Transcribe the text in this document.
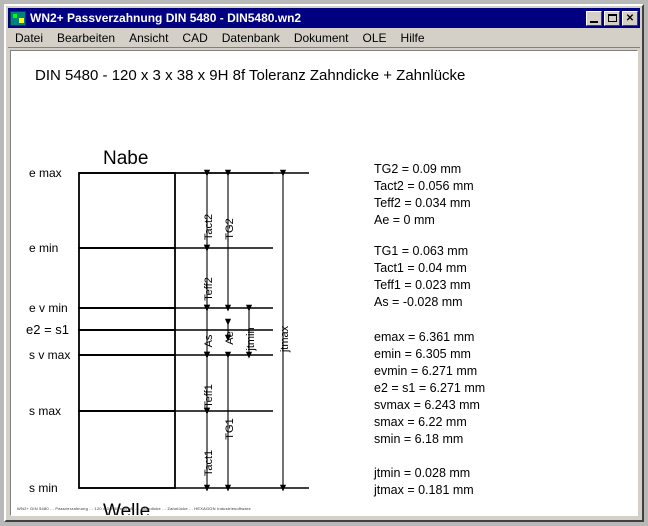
WN2+ Passverzahnung DIN 5480 - DIN5480.wn2	✕
Datei	Bearbeiten	Ansicht	CAD	Datenbank	Dokument	OLE	Hilfe
DIN 5480 - 120 x 3 x 38 x 9H 8f Toleranz Zahndicke + Zahnlücke
Nabe
Welle
e max
e min
e v min
e2 = s1
s v max
s max
s min
Tact2
Teff2
As
Teff1
Tact1
TG2
Ae
TG1
jtmin jtmax
TG2 = 0.09 mm
Tact2 = 0.056 mm
Teff2 = 0.034 mm
Ae = 0 mm
TG1 = 0.063 mm
Tact1 = 0.04 mm
Teff1 = 0.023 mm
As = -0.028 mm
emax = 6.361 mm
emin = 6.305 mm
evmin = 6.271 mm
e2 = s1 = 6.271 mm
svmax = 6.243 mm
smax = 6.22 mm
smin = 6.18 mm
jtmin = 0.028 mm
jtmax = 0.181 mm
WN2+ DIN 5480 ... Passverzahnung ... 120 x 3 x 38 x 9H 8f ... Zahndicke ... Zahnlücke ... HEXAGON Industriesoftware
